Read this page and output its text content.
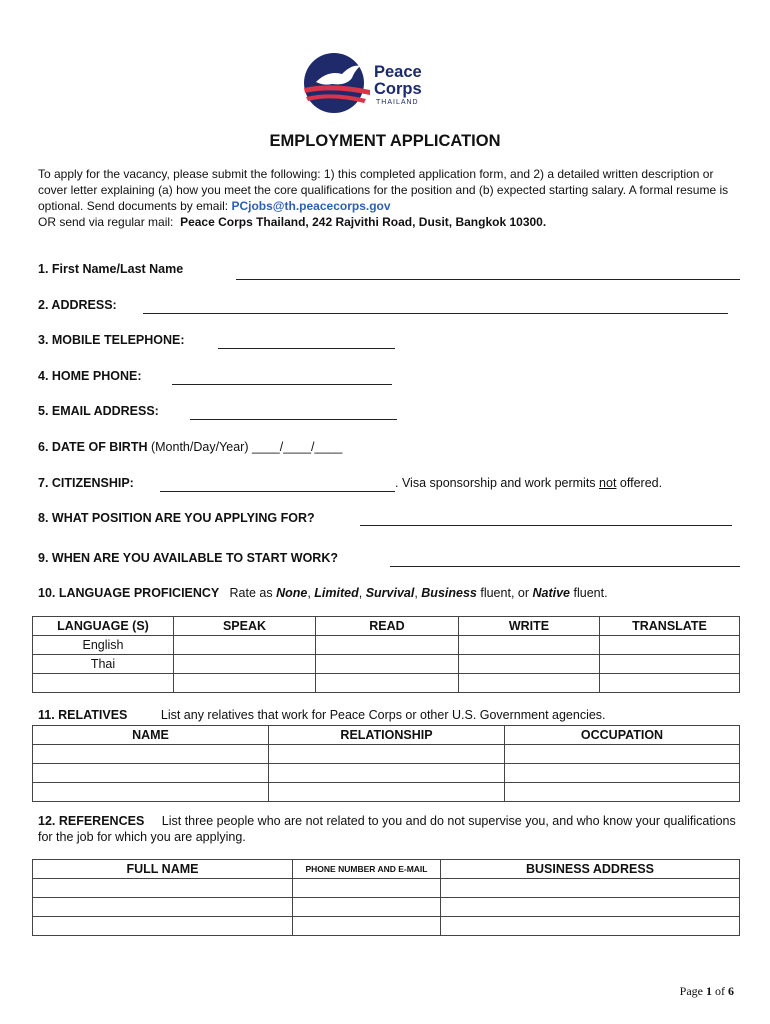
Peace
Corps
THAILAND
EMPLOYMENT APPLICATION
To apply for the vacancy, please submit the following: 1) this completed application form, and 2) a detailed written description or cover letter explaining (a) how you meet the core qualifications for the position and (b) expected starting salary. A formal resume is optional. Send documents by email: PCjobs@th.peacecorps.gov
OR send via regular mail: Peace Corps Thailand, 242 Rajvithi Road, Dusit, Bangkok 10300.
1. First Name/Last Name
2. ADDRESS:
3. MOBILE TELEPHONE:
4. HOME PHONE:
5. EMAIL ADDRESS:
6. DATE OF BIRTH (Month/Day/Year) ____/____/____
7. CITIZENSHIP:	. Visa sponsorship and work permits not offered.
8. WHAT POSITION ARE YOU APPLYING FOR?
9. WHEN ARE YOU AVAILABLE TO START WORK?
10. LANGUAGE PROFICIENCY Rate as None, Limited, Survival, Business fluent, or Native fluent.
LANGUAGE (S)	SPEAK	READ	WRITE	TRANSLATE
English				
Thai				

11. RELATIVES	List any relatives that work for Peace Corps or other U.S. Government agencies.
NAME	RELATIONSHIP	OCCUPATION

12. REFERENCES List three people who are not related to you and do not supervise you, and who know your qualifications for the job for which you are applying.
FULL NAME	PHONE NUMBER AND E-MAIL	BUSINESS ADDRESS

Page 1 of 6
